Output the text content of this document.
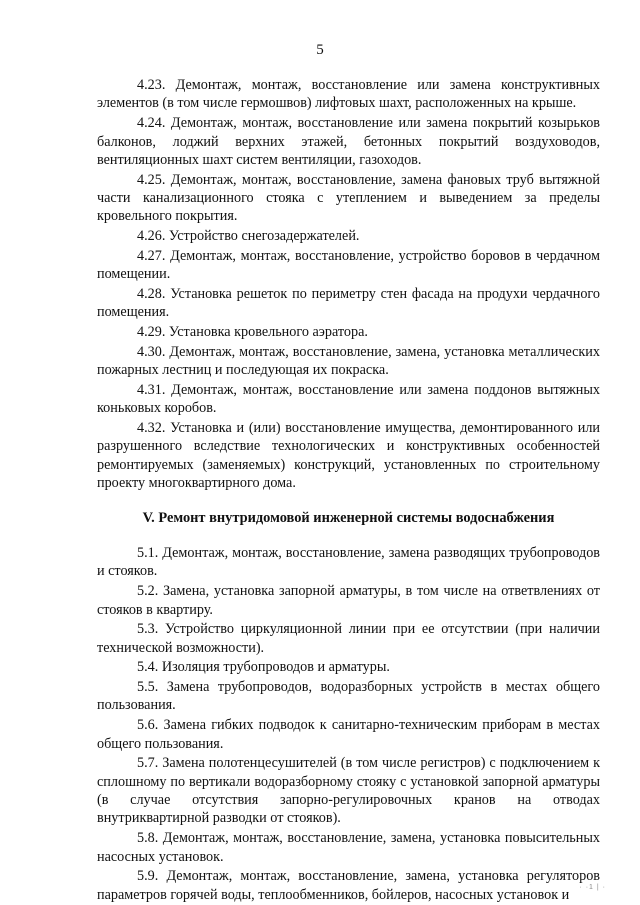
5

4.23. Демонтаж, монтаж, восстановление или замена конструктивных элементов (в том числе гермошвов) лифтовых шахт, расположенных на крыше.

4.24. Демонтаж, монтаж, восстановление или замена покрытий козырьков балконов, лоджий верхних этажей, бетонных покрытий воздуховодов, вентиляционных шахт систем вентиляции, газоходов.

4.25. Демонтаж, монтаж, восстановление, замена фановых труб вытяжной части канализационного стояка с утеплением и выведением за пределы кровельного покрытия.

4.26. Устройство снегозадержателей.

4.27. Демонтаж, монтаж, восстановление, устройство боровов в чердачном помещении.

4.28. Установка решеток по периметру стен фасада на продухи чердачного помещения.

4.29. Установка кровельного аэратора.

4.30. Демонтаж, монтаж, восстановление, замена, установка металлических пожарных лестниц и последующая их покраска.

4.31. Демонтаж, монтаж, восстановление или замена поддонов вытяжных коньковых коробов.

4.32. Установка и (или) восстановление имущества, демонтированного или разрушенного вследствие технологических и конструктивных особенностей ремонтируемых (заменяемых) конструкций, установленных по строительному проекту многоквартирного дома.

V. Ремонт внутридомовой инженерной системы водоснабжения

5.1. Демонтаж, монтаж, восстановление, замена разводящих трубопроводов и стояков.

5.2. Замена, установка запорной арматуры, в том числе на ответвлениях от стояков в квартиру.

5.3. Устройство циркуляционной линии при ее отсутствии (при наличии технической возможности).

5.4. Изоляция трубопроводов и арматуры.

5.5. Замена трубопроводов, водоразборных устройств в местах общего пользования.

5.6. Замена гибких подводок к санитарно-техническим приборам в местах общего пользования.

5.7. Замена полотенцесушителей (в том числе регистров) с подключением к сплошному по вертикали водоразборному стояку с установкой запорной арматуры (в случае отсутствия запорно-регулировочных кранов на отводах внутриквартирной разводки от стояков).

5.8. Демонтаж, монтаж, восстановление, замена, установка повысительных насосных установок.

5.9. Демонтаж, монтаж, восстановление, замена, установка регуляторов параметров горячей воды, теплообменников, бойлеров, насосных установок и	· ·1 | ·
